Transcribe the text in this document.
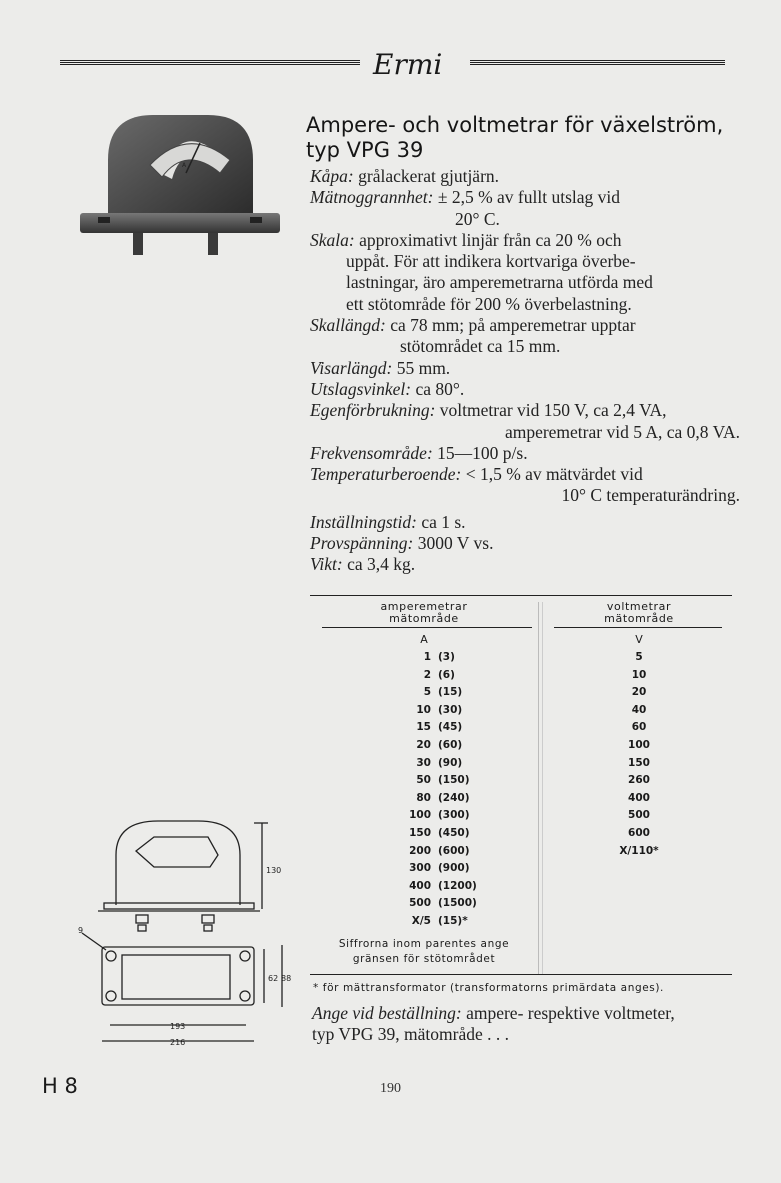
Ermi
A
Ampere- och voltmetrar för växelström, typ VPG 39
Kåpa: grålackerat gjutjärn.
Mätnoggrannhet: ± 2,5 % av fullt utslag vid
20° C.
Skala: approximativt linjär från ca 20 % och
uppåt. För att indikera kortvariga överbe-
lastningar, äro amperemetrarna utförda med
ett stötområde för 200 % överbelastning.
Skallängd: ca 78 mm; på amperemetrar upptar
stötområdet ca 15 mm.
Visarlängd: 55 mm.
Utslagsvinkel: ca 80°.
Egenförbrukning: voltmetrar vid 150 V, ca 2,4 VA,
amperemetrar vid 5 A, ca 0,8 VA.
Frekvensområde: 15—100 p/s.
Temperaturberoende: < 1,5 % av mätvärdet vid
10° C temperaturändring.
Inställningstid: ca 1 s.
Provspänning: 3000 V vs.
Vikt: ca 3,4 kg.
amperemetrar
mätområde
voltmetrar
mätområde
A	V
1 (3)
2 (6)
5 (15)
10 (30)
15 (45)
20 (60)
30 (90)
50 (150)
80 (240)
100 (300)
150 (450)
200 (600)
300 (900)
400 (1200)
500 (1500)
X/5 (15)*
5
10
20
40
60
100
150
260
400
500
600
X/110*
Siffrorna inom parentes ange
gränsen för stötområdet
* för mättransformator (transformatorns primärdata anges).
Ange vid beställning: ampere- respektive voltmeter,
typ VPG 39, mätområde . . .
130
62 88
193
216
9
H 8	190
